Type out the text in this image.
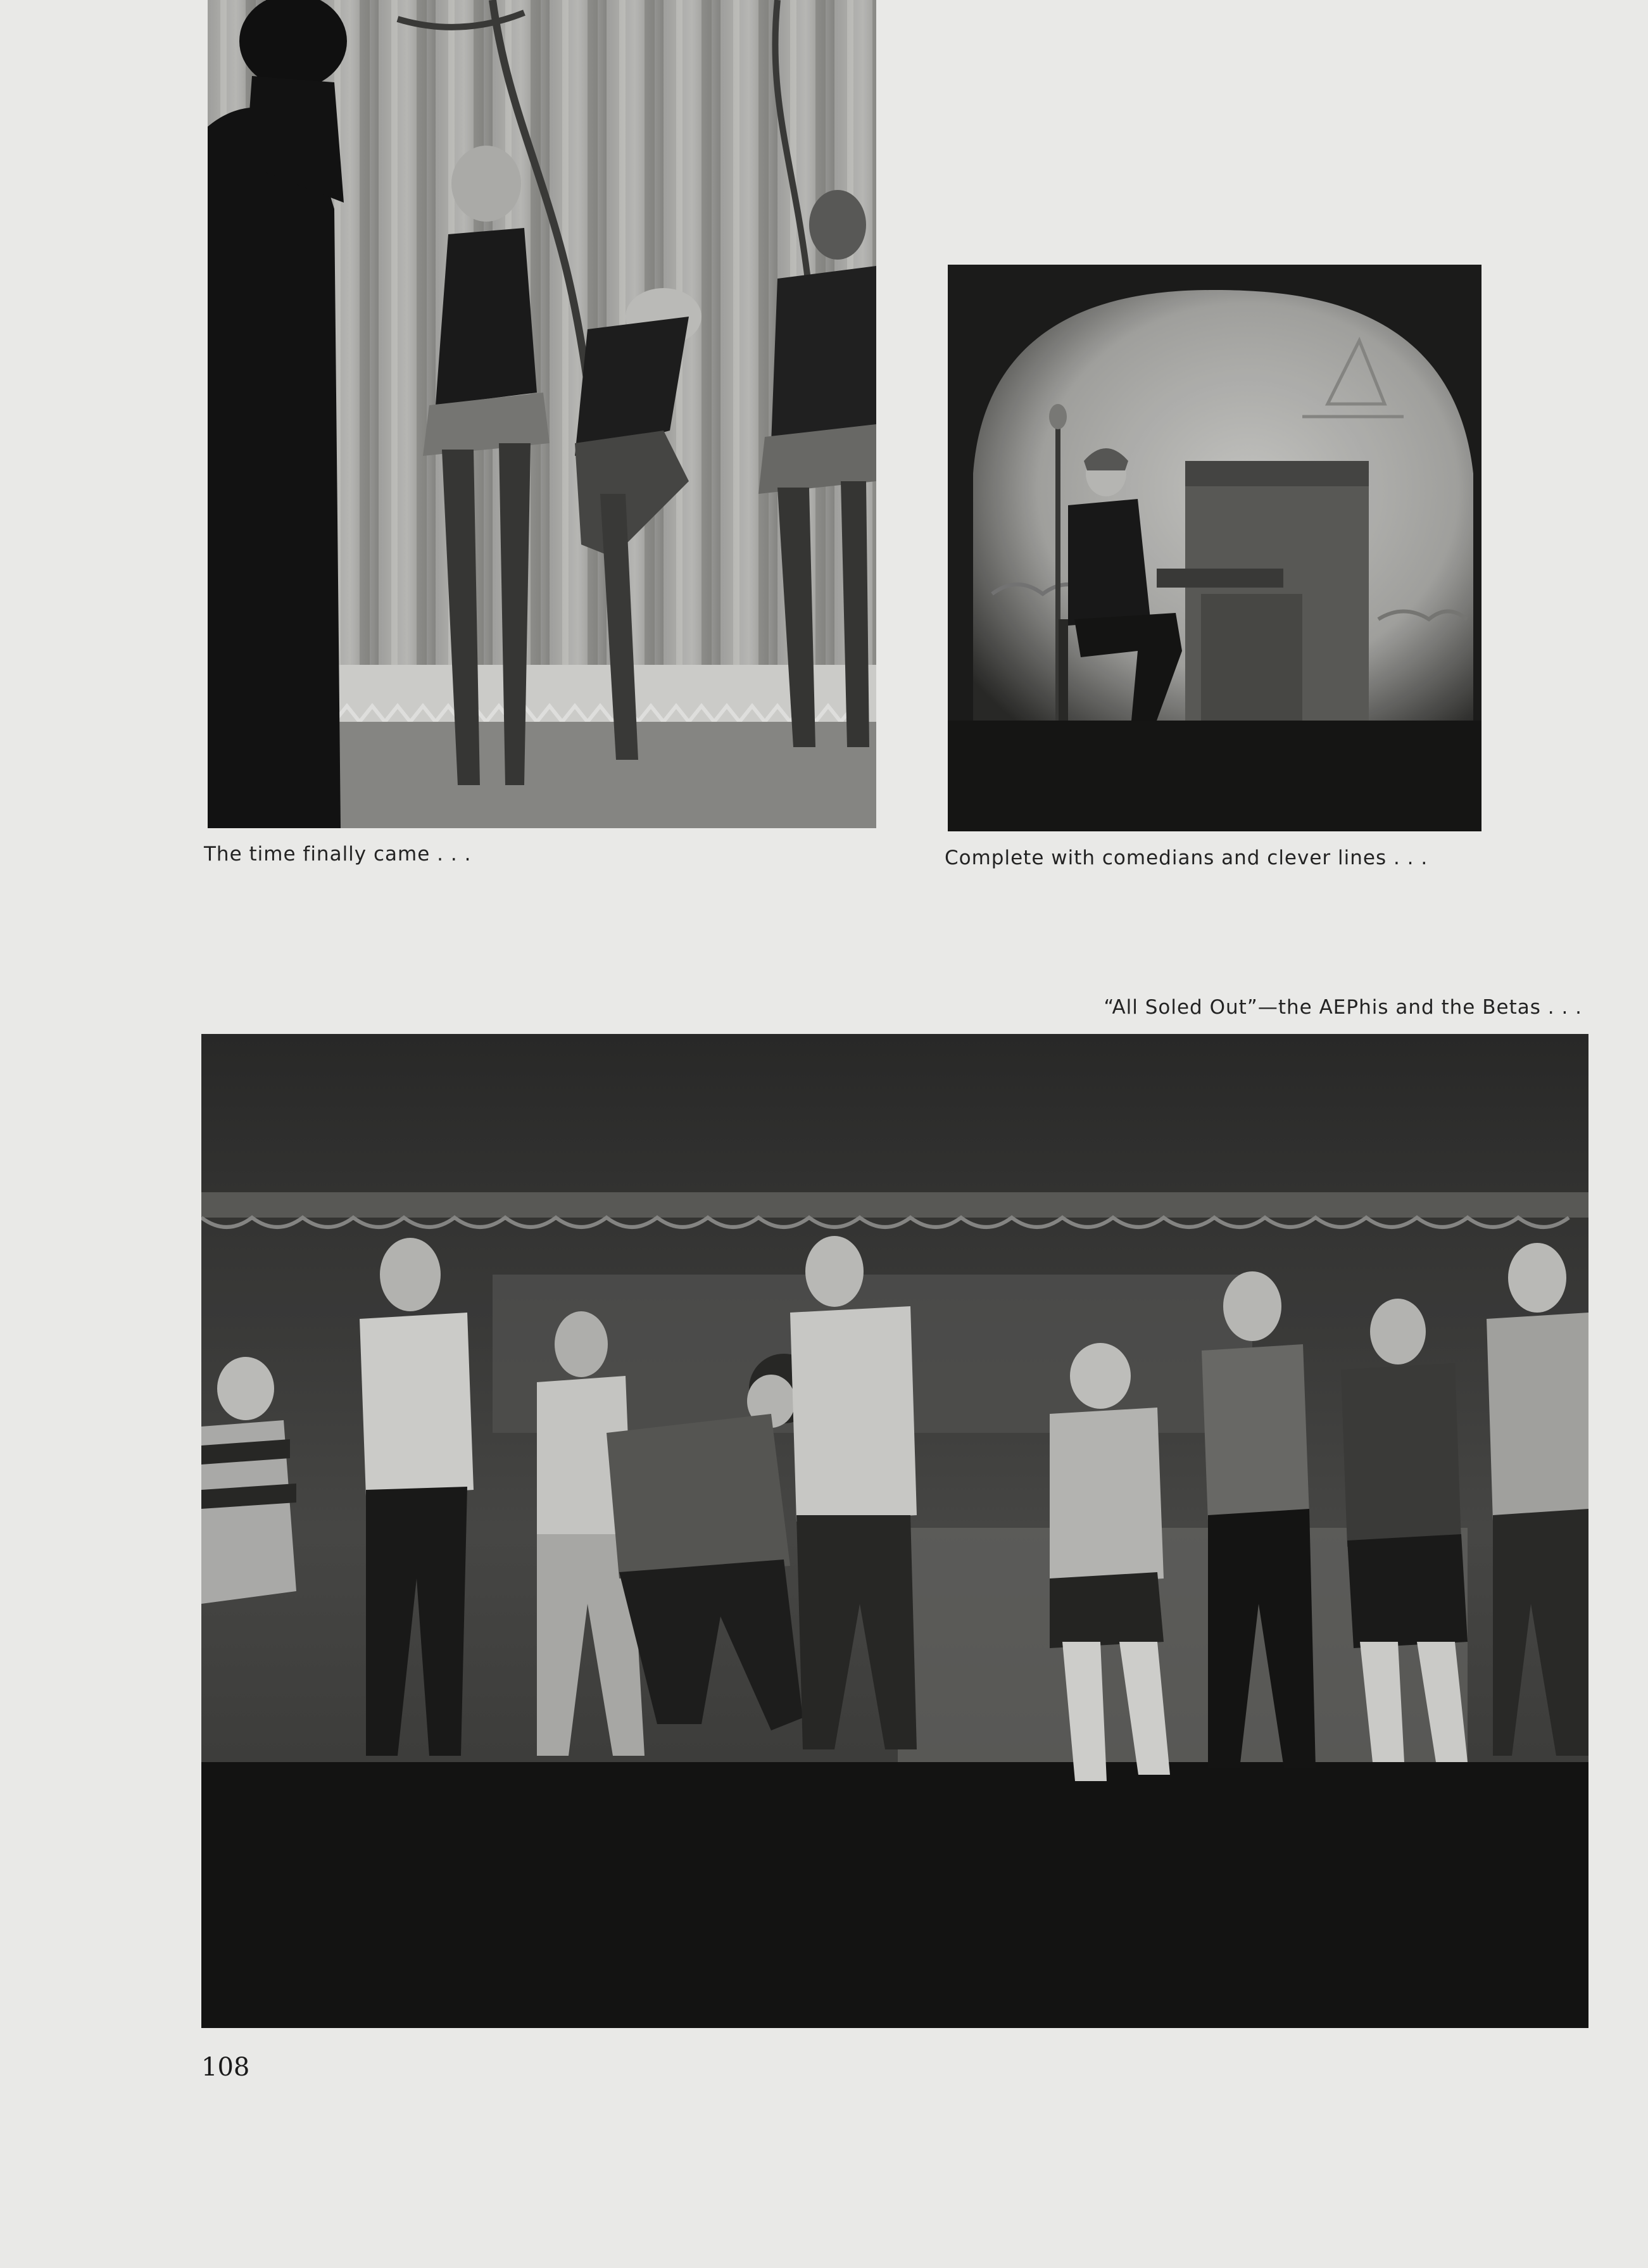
The time finally came . . .	Complete with comedians and clever lines . . .
“All Soled Out”—the AEPhis and the Betas . . .
108
